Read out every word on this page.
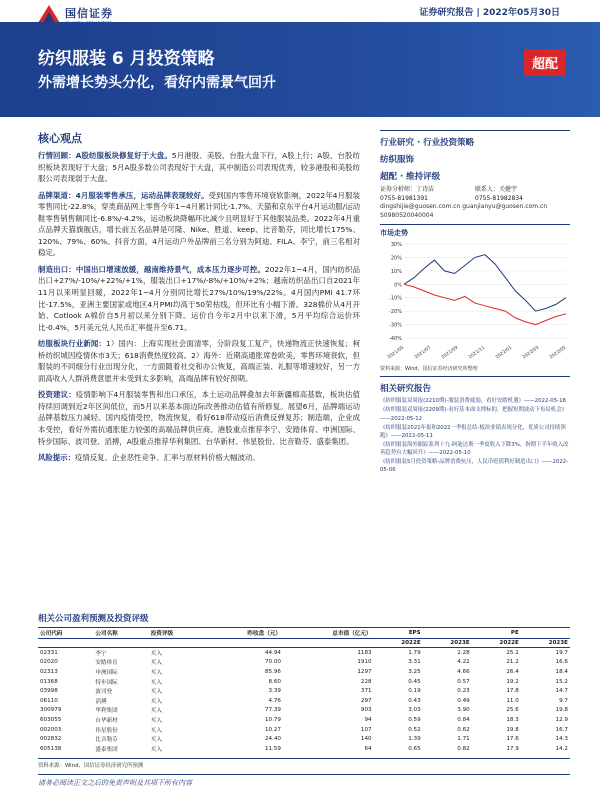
国信证券	证券研究报告 | 2022年05月30日
纺织服装 6 月投资策略
外需增长势头分化，看好内需景气回升
超配
核心观点
行情回顾：A股纺服板块修复好于大盘。5月港股、美股、台股大盘下行，A股上行；A股、台股纺织板块表现好于大盘；5月A股多数公司表现好于大盘，其中制造公司表现优秀，较多港股和美股纺服公司表现弱于大盘。
品牌渠道：4月服装零售承压，运动品牌表现较好。受到国内零售环境衰软影响，2022年4月服装零售同比-22.8%，穿类商品网上零售今年1~4月累计同比-1.7%。天猫和京东平台4月运动服/运动鞋零售销售额同比-6.8%/-4.2%，运动板块降幅环比减少且明显好于其他服装品类。2022年4月重点品牌天猫旗舰店，增长前五名品牌是可隆、Nike、胜道、keep、比音勒芬，同比增长175%、120%、79%、60%。抖音方面，4月运动户外品牌前三名分别为阿迪、FILA、李宁，前三名相对稳定。
制造出口：中国出口增速放缓，越南维持景气，成本压力逐步可控。2022年1~4月，国内纺织品出口+27%/-10%/+22%/+1%，服装出口+17%/-8%/+10%/+2%；越南纺织品出口自2021年11月以来明显回暖，2022年1~4月分别同比增长27%/10%/19%/22%。4月国内PMI 41.7环比-17.5%，亚洲主要国家或地区4月PMI均高于50荣枯线，但环比有小幅下滑。328棉价从4月开始、Cotlook A棉价自5月初以来分别下降。运价自今年2月中以来下滑，5月平均综合运价环比-0.4%，5月美元兑人民币汇率提升至6.71。
纺服板块行业新闻：1）国内：上海实现社会面清零，分阶段复工复产，快递物流正快速恢复；柯桥纺织城因疫情休市3天；618消费热度较高。2）海外：近期高通胀席卷欧美，零售环境衰软，但服装的不同细分行业出现分化，一方面随着社交和办公恢复，高端正装、礼服等增速较好，另一方面高收入人群消费意愿并未受到太多影响，高端品牌有较好预期。
投资建议：疫情影响下4月服装零售和出口承压，本土运动品牌叠加去年新疆棉高基数，板块估值持续回调到近2年区间低位，而5月以来基本面边际改善推动估值有所修复。展望6月，品牌端运动品牌基数压力减轻、国内疫情受控，物流恢复，看好618带动疫后消费反弹复苏；制造端，企业成本受控，看好外需抗通胀能力较强的高端品牌供应商。港股重点推荐李宁、安踏体育、申洲国际、特步国际、波司登、滔搏，A股重点推荐华利集团、台华新材、伟星股份、比音勒芬、盛泰集团。
风险提示：疫情反复、企业恶性竞争、汇率与原材料价格大幅波动。
行业研究 · 行业投资策略
纺织服饰
超配 · 维持评级
证券分析师：丁诗洁	联系人：关健宇
0755-81981391	0755-81982834
dingshijie@guosen.com.cn guanjianyu@guosen.com.cn
S0980520040004
市场走势
30%
20%
10%
0%
-10%
-20%
-30%
-40%
2021/05 2021/07 2021/09 2021/11 2022/01 2022/03 2022/05
资料来源：Wind、国信证券经济研究所整理
相关研究报告
《纺织服装双周报(2210期)-服装消费疲弱，看好安踏机遇》——2022-05-18
《纺织服装双周报(2209期)-看好基本面支撑标的，把握短期波动下布局机会》——2022-05-12
《纺织服装2021年报和2022一季报总结-板块业绩表现分化，优质公司持续领跑》——2022-05-11
《纺织服装海外跟踪系列十九-阿迪达斯一季度收入下降3%，指期下半年收入改善趋势有大幅回升》——2022-05-10
《纺织服装5月投资策略-品牌消费抗压，人民币贬值利好制造出口》——2022-05-06
相关公司盈利预测及投资评级
公司代码	公司名称	投资评级	昨收盘（元）	总市值（亿元）	EPS		PE	
					2022E	2023E	2022E	2023E
02331	李宁	买入	44.94	1183	1.79	2.28	25.1	19.7
02020	安踏体育	买入	70.00	1910	3.31	4.22	21.2	16.6
02313	申洲国际	买入	85.96	1297	3.25	4.66	26.4	18.4
01368	特步国际	买入	8.60	228	0.45	0.57	19.2	15.2
03998	波司登	买入	3.39	371	0.19	0.23	17.8	14.7
06110	滔搏	买入	4.76	297	0.43	0.49	11.0	9.7
300979	华利集团	买入	77.39	903	3.03	3.90	25.6	19.8
603055	台华新材	买入	10.79	94	0.59	0.84	18.3	12.9
002003	伟星股份	买入	10.27	107	0.52	0.62	19.8	16.7
002832	比音勒芬	买入	24.40	140	1.39	1.71	17.6	14.3
605138	盛泰集团	买入	11.59	64	0.65	0.82	17.9	14.2
资料来源：Wind、国信证券经济研究所预测
请务必阅读正文之后的免责声明及其项下所有内容
